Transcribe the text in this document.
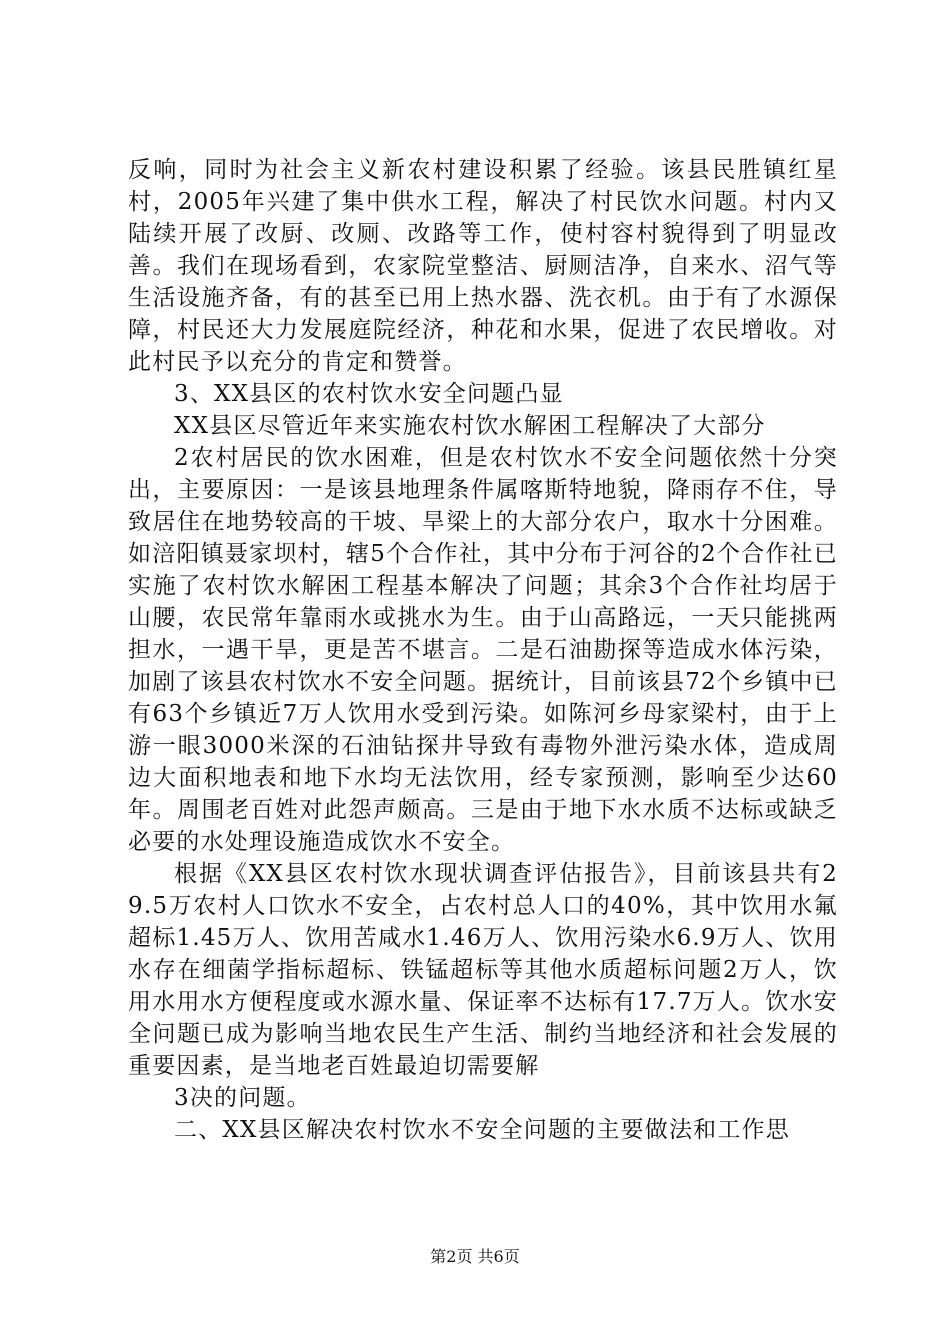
反响，同时为社会主义新农村建设积累了经验。该县民胜镇红星村，2005年兴建了集中供水工程，解决了村民饮水问题。村内又陆续开展了改厨、改厕、改路等工作，使村容村貌得到了明显改善。我们在现场看到，农家院堂整洁、厨厕洁净，自来水、沼气等生活设施齐备，有的甚至已用上热水器、洗衣机。由于有了水源保障，村民还大力发展庭院经济，种花和水果，促进了农民增收。对此村民予以充分的肯定和赞誉。

3、XX县区的农村饮水安全问题凸显

XX县区尽管近年来实施农村饮水解困工程解决了大部分

2农村居民的饮水困难，但是农村饮水不安全问题依然十分突出，主要原因：一是该县地理条件属喀斯特地貌，降雨存不住，导致居住在地势较高的干坡、旱梁上的大部分农户，取水十分困难。如涪阳镇聂家坝村，辖5个合作社，其中分布于河谷的2个合作社已实施了农村饮水解困工程基本解决了问题；其余3个合作社均居于山腰，农民常年靠雨水或挑水为生。由于山高路远，一天只能挑两担水，一遇干旱，更是苦不堪言。二是石油勘探等造成水体污染，加剧了该县农村饮水不安全问题。据统计，目前该县72个乡镇中已有63个乡镇近7万人饮用水受到污染。如陈河乡母家梁村，由于上游一眼3000米深的石油钻探井导致有毒物外泄污染水体，造成周边大面积地表和地下水均无法饮用，经专家预测，影响至少达60年。周围老百姓对此怨声颇高。三是由于地下水水质不达标或缺乏必要的水处理设施造成饮水不安全。

根据《XX县区农村饮水现状调查评估报告》，目前该县共有29.5万农村人口饮水不安全，占农村总人口的40%，其中饮用水氟超标1.45万人、饮用苦咸水1.46万人、饮用污染水6.9万人、饮用水存在细菌学指标超标、铁锰超标等其他水质超标问题2万人，饮用水用水方便程度或水源水量、保证率不达标有17.7万人。饮水安全问题已成为影响当地农民生产生活、制约当地经济和社会发展的重要因素，是当地老百姓最迫切需要解

3决的问题。

二、XX县区解决农村饮水不安全问题的主要做法和工作思

第2页 共6页
